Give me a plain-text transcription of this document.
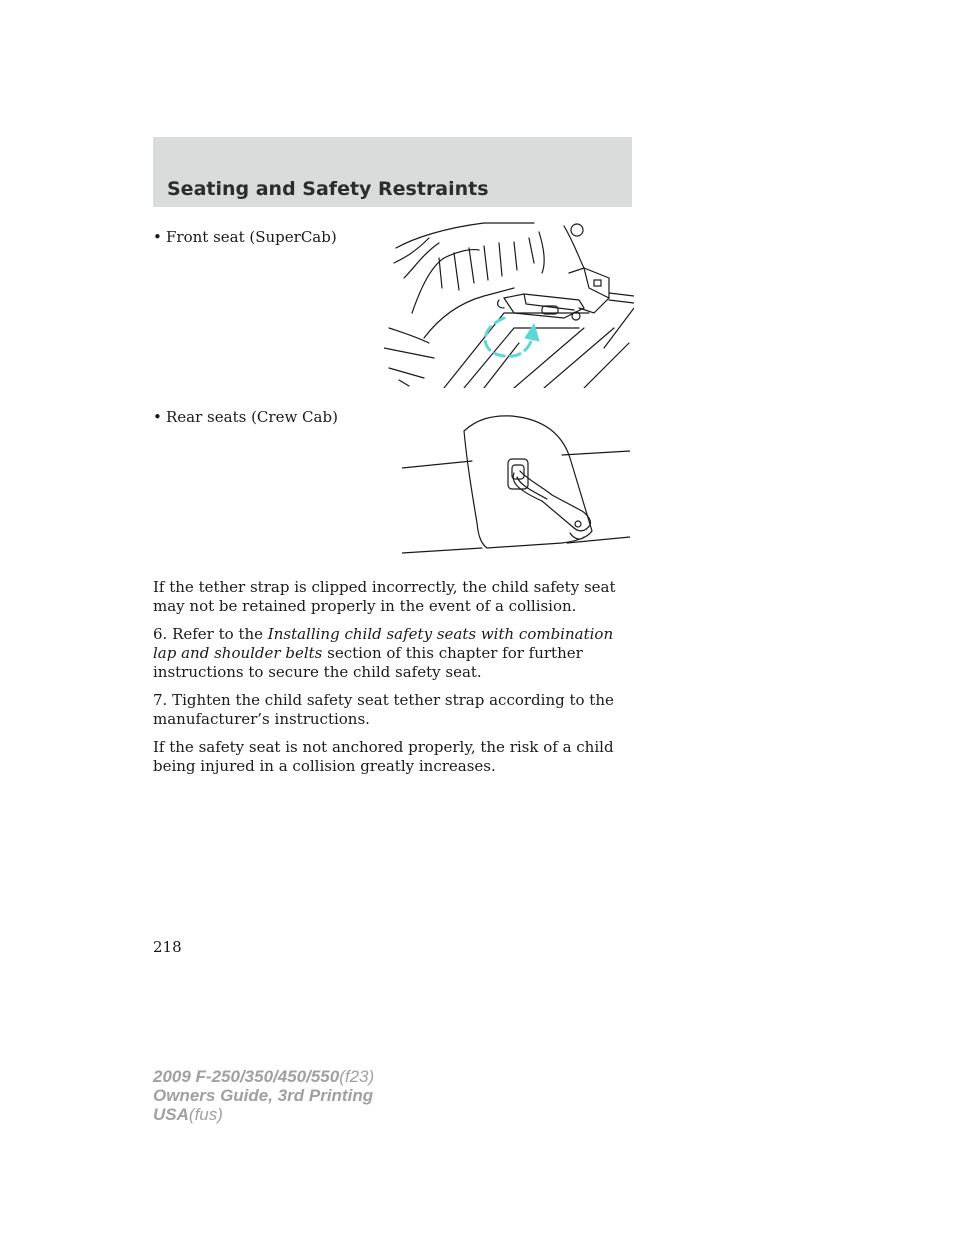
Seating and Safety Restraints
• Front seat (SuperCab)
• Rear seats (Crew Cab)

If the tether strap is clipped incorrectly, the child safety seat may not be retained properly in the event of a collision.

6. Refer to the Installing child safety seats with combination lap and shoulder belts section of this chapter for further instructions to secure the child safety seat.

7. Tighten the child safety seat tether strap according to the manufacturer’s instructions.

If the safety seat is not anchored properly, the risk of a child being injured in a collision greatly increases.

218
2009 F-250/350/450/550(f23)
Owners Guide, 3rd Printing
USA(fus)
